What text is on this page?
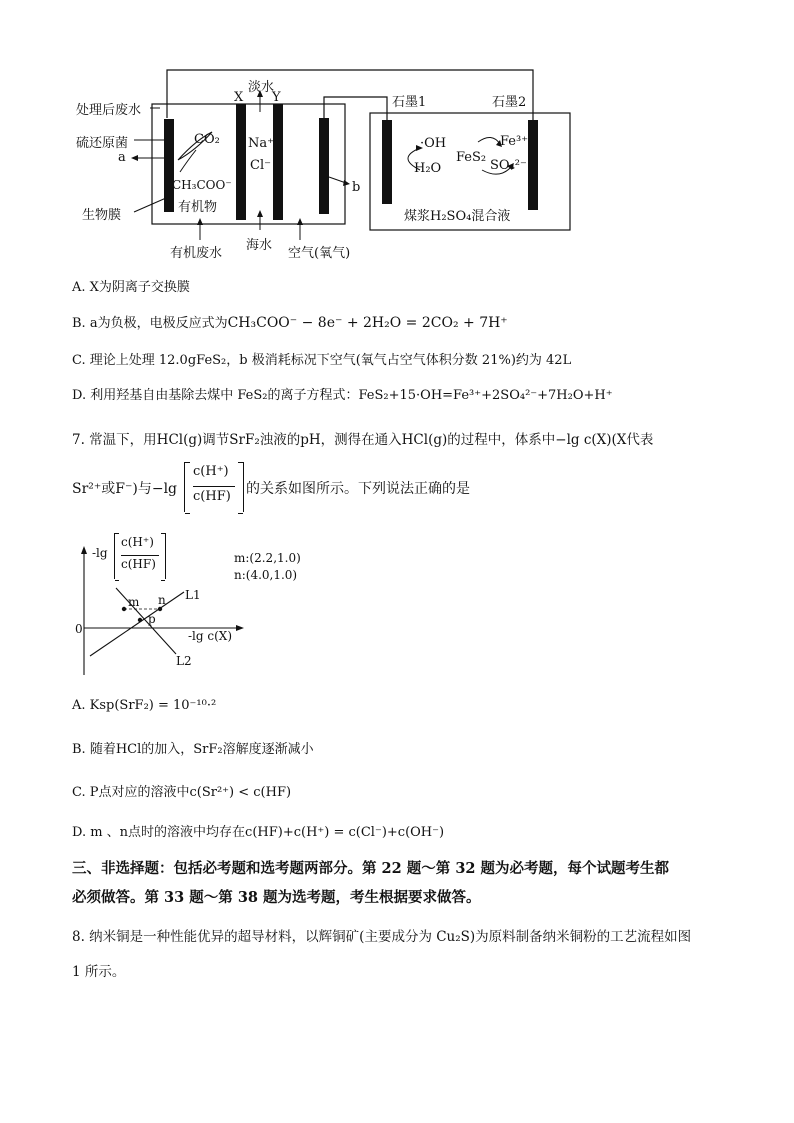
处理后废水
硫还原菌
a
生物膜
CO₂
CH₃COO⁻
有机物
有机废水
淡水
X Y
Na⁺
Cl⁻
海水
空气(氧气)
b
石墨1	石墨2
·OH
H₂O
FeS₂
Fe³⁺
SO₄²⁻
煤浆H₂SO₄混合液
A. X为阴离子交换膜
B. a为负极，电极反应式为CH₃COO⁻ − 8e⁻ + 2H₂O = 2CO₂ + 7H⁺
C. 理论上处理 12.0gFeS₂，b 极消耗标况下空气(氧气占空气体积分数 21%)约为 42L
D. 利用羟基自由基除去煤中 FeS₂的离子方程式：FeS₂+15·OH=Fe³⁺+2SO₄²⁻+7H₂O+H⁺
7. 常温下，用HCl(g)调节SrF₂浊液的pH，测得在通入HCl(g)的过程中，体系中−lg c(X)(X代表
Sr²⁺或F⁻)与−lg
c(H⁺)
c(HF) 的关系如图所示。下列说法正确的是
-lg
c(H⁺)
c(HF)	m:(2.2,1.0)
n:(4.0,1.0)
L1
L2
m n
p
0	-lg c(X)
A. Ksp(SrF₂) = 10⁻¹⁰·²
B. 随着HCl的加入，SrF₂溶解度逐渐减小
C. P点对应的溶液中c(Sr²⁺) < c(HF)
D. m 、n点时的溶液中均存在c(HF)+c(H⁺) = c(Cl⁻)+c(OH⁻)
三、非选择题：包括必考题和选考题两部分。第 22 题～第 32 题为必考题，每个试题考生都
必须做答。第 33 题～第 38 题为选考题，考生根据要求做答。
8. 纳米铜是一种性能优异的超导材料，以辉铜矿(主要成分为 Cu₂S)为原料制备纳米铜粉的工艺流程如图
1 所示。
